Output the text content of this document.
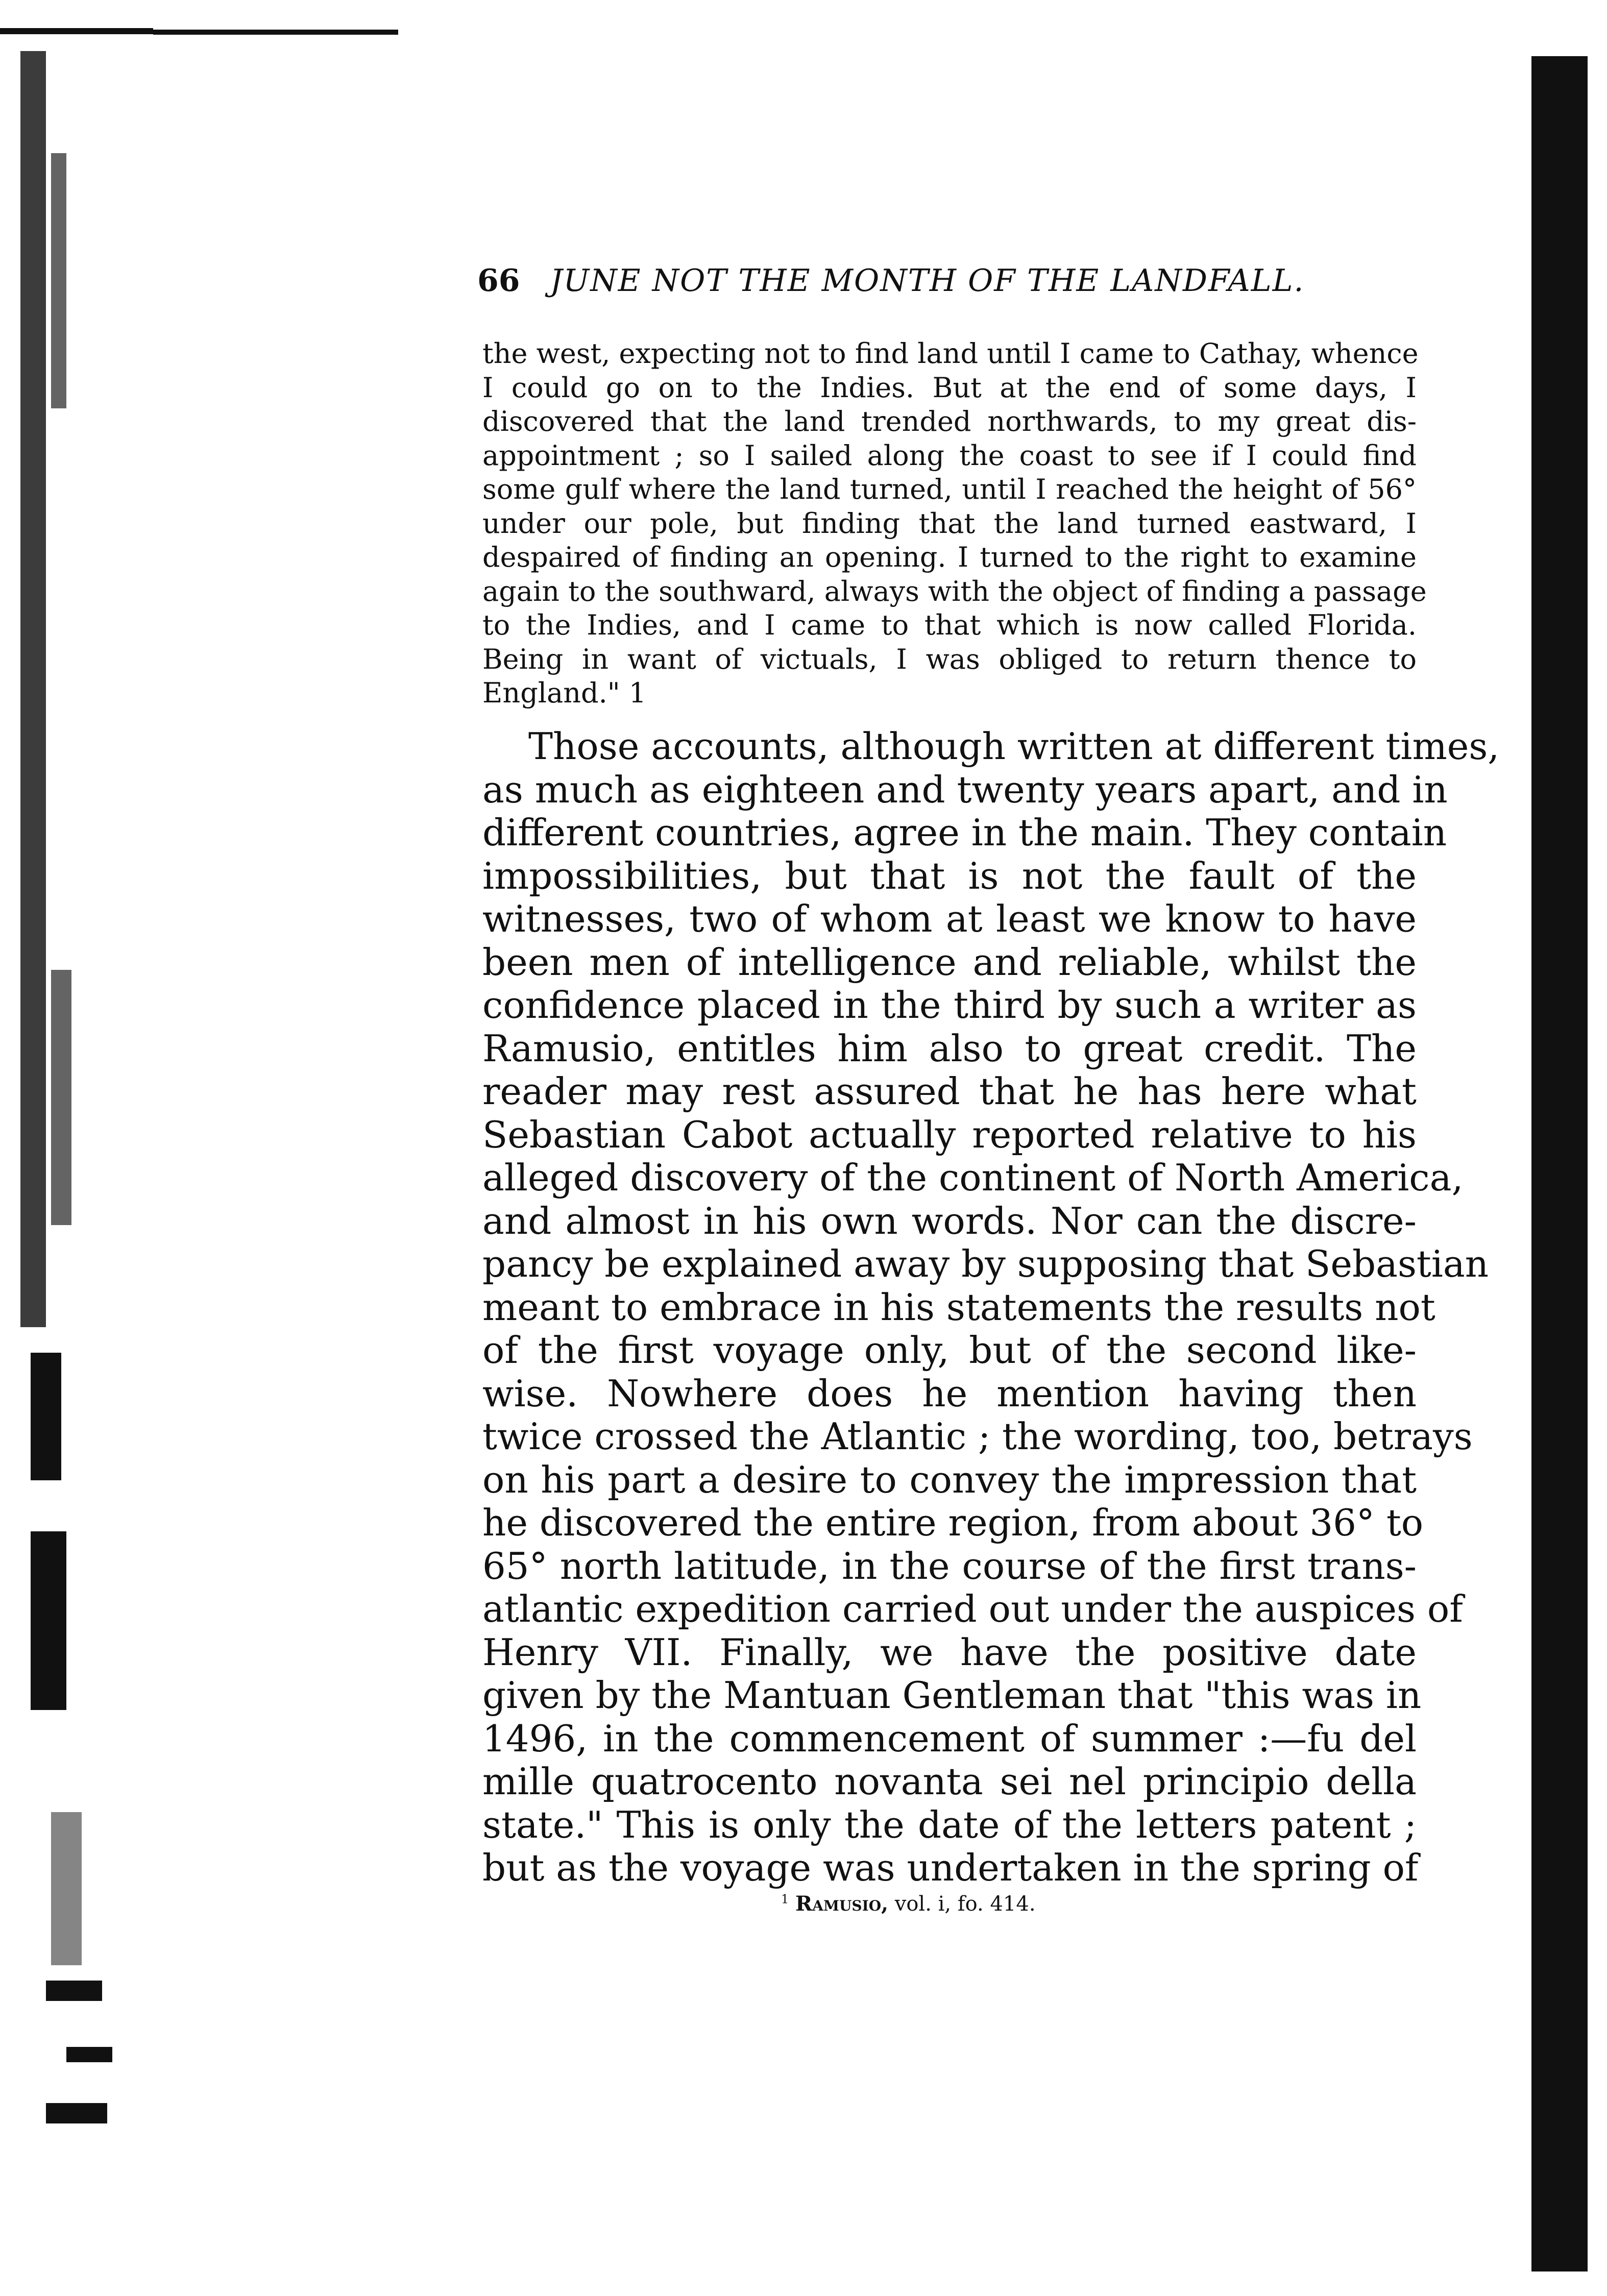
66 JUNE NOT THE MONTH OF THE LANDFALL.
the west, expecting not to find land until I came to Cathay, whence
I could go on to the Indies. But at the end of some days, I
discovered that the land trended northwards, to my great dis-
appointment ; so I sailed along the coast to see if I could find
some gulf where the land turned, until I reached the height of 56°
under our pole, but finding that the land turned eastward, I
despaired of finding an opening. I turned to the right to examine
again to the southward, always with the object of finding a passage
to the Indies, and I came to that which is now called Florida.
Being in want of victuals, I was obliged to return thence to
England." 1
Those accounts, although written at different times,
as much as eighteen and twenty years apart, and in
different countries, agree in the main. They contain
impossibilities, but that is not the fault of the
witnesses, two of whom at least we know to have
been men of intelligence and reliable, whilst the
confidence placed in the third by such a writer as
Ramusio, entitles him also to great credit. The
reader may rest assured that he has here what
Sebastian Cabot actually reported relative to his
alleged discovery of the continent of North America,
and almost in his own words. Nor can the discre-
pancy be explained away by supposing that Sebastian
meant to embrace in his statements the results not
of the first voyage only, but of the second like-
wise. Nowhere does he mention having then
twice crossed the Atlantic ; the wording, too, betrays
on his part a desire to convey the impression that
he discovered the entire region, from about 36° to
65° north latitude, in the course of the first trans-
atlantic expedition carried out under the auspices of
Henry VII. Finally, we have the positive date
given by the Mantuan Gentleman that "this was in
1496, in the commencement of summer :—fu del
mille quatrocento novanta sei nel principio della
state." This is only the date of the letters patent ;
but as the voyage was undertaken in the spring of
$^1$ Ramusio, vol. i, fo. 414.
